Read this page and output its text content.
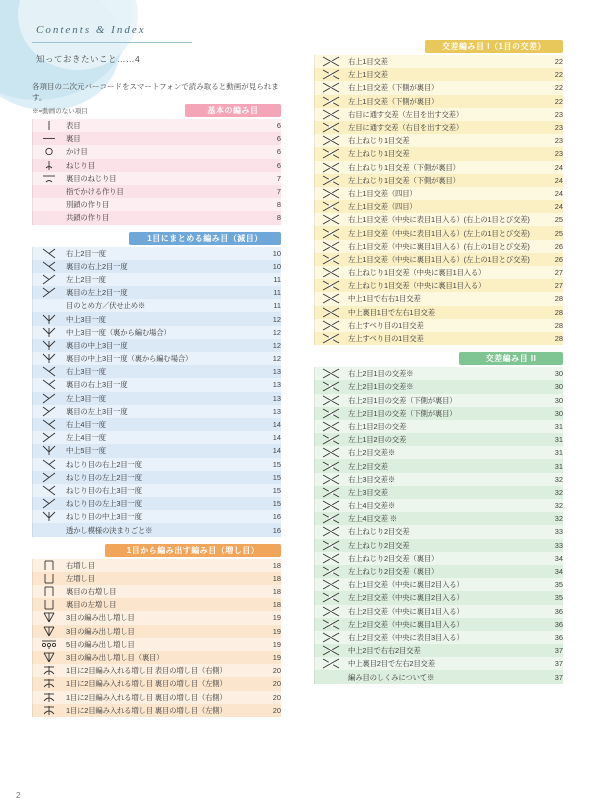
Contents & Index
知っておきたいこと……4
各項目の二次元バーコードをスマートフォンで読み取ると動画が見られます。
※=動画のない項目	基本の編み目
	表目	6

	裏目	6

	かけ目	6

	ねじり目	6

	裏目のねじり目	7
	指でかける作り目	7
	別鎖の作り目	8
	共鎖の作り目	8
1目にまとめる編み目（減目）
	右上2目一度	10

	裏目の右上2目一度	10

	左上2目一度	11

	裏目の左上2目一度	11
	目のとめ方／伏せ止め※	11

	中上3目一度	12

	中上3目一度（裏から編む場合）	12

	裏目の中上3目一度	12

	裏目の中上3目一度（裏から編む場合）	12

	右上3目一度	13

	裏目の右上3目一度	13

	左上3目一度	13

	裏目の左上3目一度	13

	右上4目一度	14

	左上4目一度	14

	中上5目一度	14

	ねじり目の右上2目一度	15

	ねじり目の左上2目一度	15

	ねじり目の右上3目一度	15

	ねじり目の左上3目一度	15

	ねじり目の中上3目一度	16
	透かし模様の決まりごと※	16
1目から編み出す編み目（増し目）
	右増し目	18

	左増し目	18

	裏目の右増し目	18

	裏目の左増し目	18

	3目の編み出し増し目	19

	3目の編み出し増し目	19

	5目の編み出し増し目	19

	3目の編み出し増し目（裏目）	19

	1目に2目編み入れる増し目 表目の増し目（右側）	20

	1目に2目編み入れる増し目 裏目の増し目（左側）	20

	1目に2目編み入れる増し目 裏目の増し目（右側）	20

	1目に2目編み入れる増し目 裏目の増し目（左側）	20
交差編み目 I（1目の交差）
	右上1目交差	22

	左上1目交差	22

	右上1目交差（下側が裏目）	22

	左上1目交差（下側が裏目）	22

	右目に通す交差（左目を出す交差）	23

	左目に通す交差（右目を出す交差）	23

	右上ねじり1目交差	23

	左上ねじり1目交差	23

	右上ねじり1目交差（下側が裏目）	24

	左上ねじり1目交差（下側が裏目）	24

	右上1目交差（四目）	24

	左上1目交差（四目）	24

	右上1目交差（中央に表目1目入る）(右上の1目とび交差)	25

	左上1目交差（中央に表目1目入る）(左上の1目とび交差)	25

	右上1目交差（中央に裏目1目入る）(右上の1目とび交差)	26

	左上1目交差（中央に裏目1目入る）(左上の1目とび交差)	26

	右上ねじり1目交差（中央に裏目1目入る）	27

	左上ねじり1目交差（中央に裏目1目入る）	27

	中上1目で右右1目交差	28

	中上裏目1目で左右1目交差	28

	右上すべり目の1目交差	28

	左上すべり目の1目交差	28
交差編み目 II
	右上2目1目の交差※	30

	左上2目1目の交差※	30

	右上2目1目の交差（下側が裏目）	30

	左上2目1目の交差（下側が裏目）	30

	右上1目2目の交差	31

	左上1目2目の交差	31

	右上2目交差※	31

	左上2目交差	31

	右上3目交差※	32

	左上3目交差	32

	右上4目交差※	32

	左上4目交差 ※	32

	右上ねじり2目交差	33

	左上ねじり2目交差	33

	右上ねじり2目交差（裏目）	34

	左上ねじり2目交差（裏目）	34

	右上1目交差（中央に裏目2目入る）	35

	左上2目交差（中央に裏目2目入る）	35

	右上2目交差（中央に裏目1目入る）	36

	左上2目交差（中央に裏目1目入る）	36

	右上2目交差（中央に表目3目入る）	36

	中上2目で右右2目交差	37

	中上裏目2目で左右2目交差	37
	編み目のしくみについて※	37
2
